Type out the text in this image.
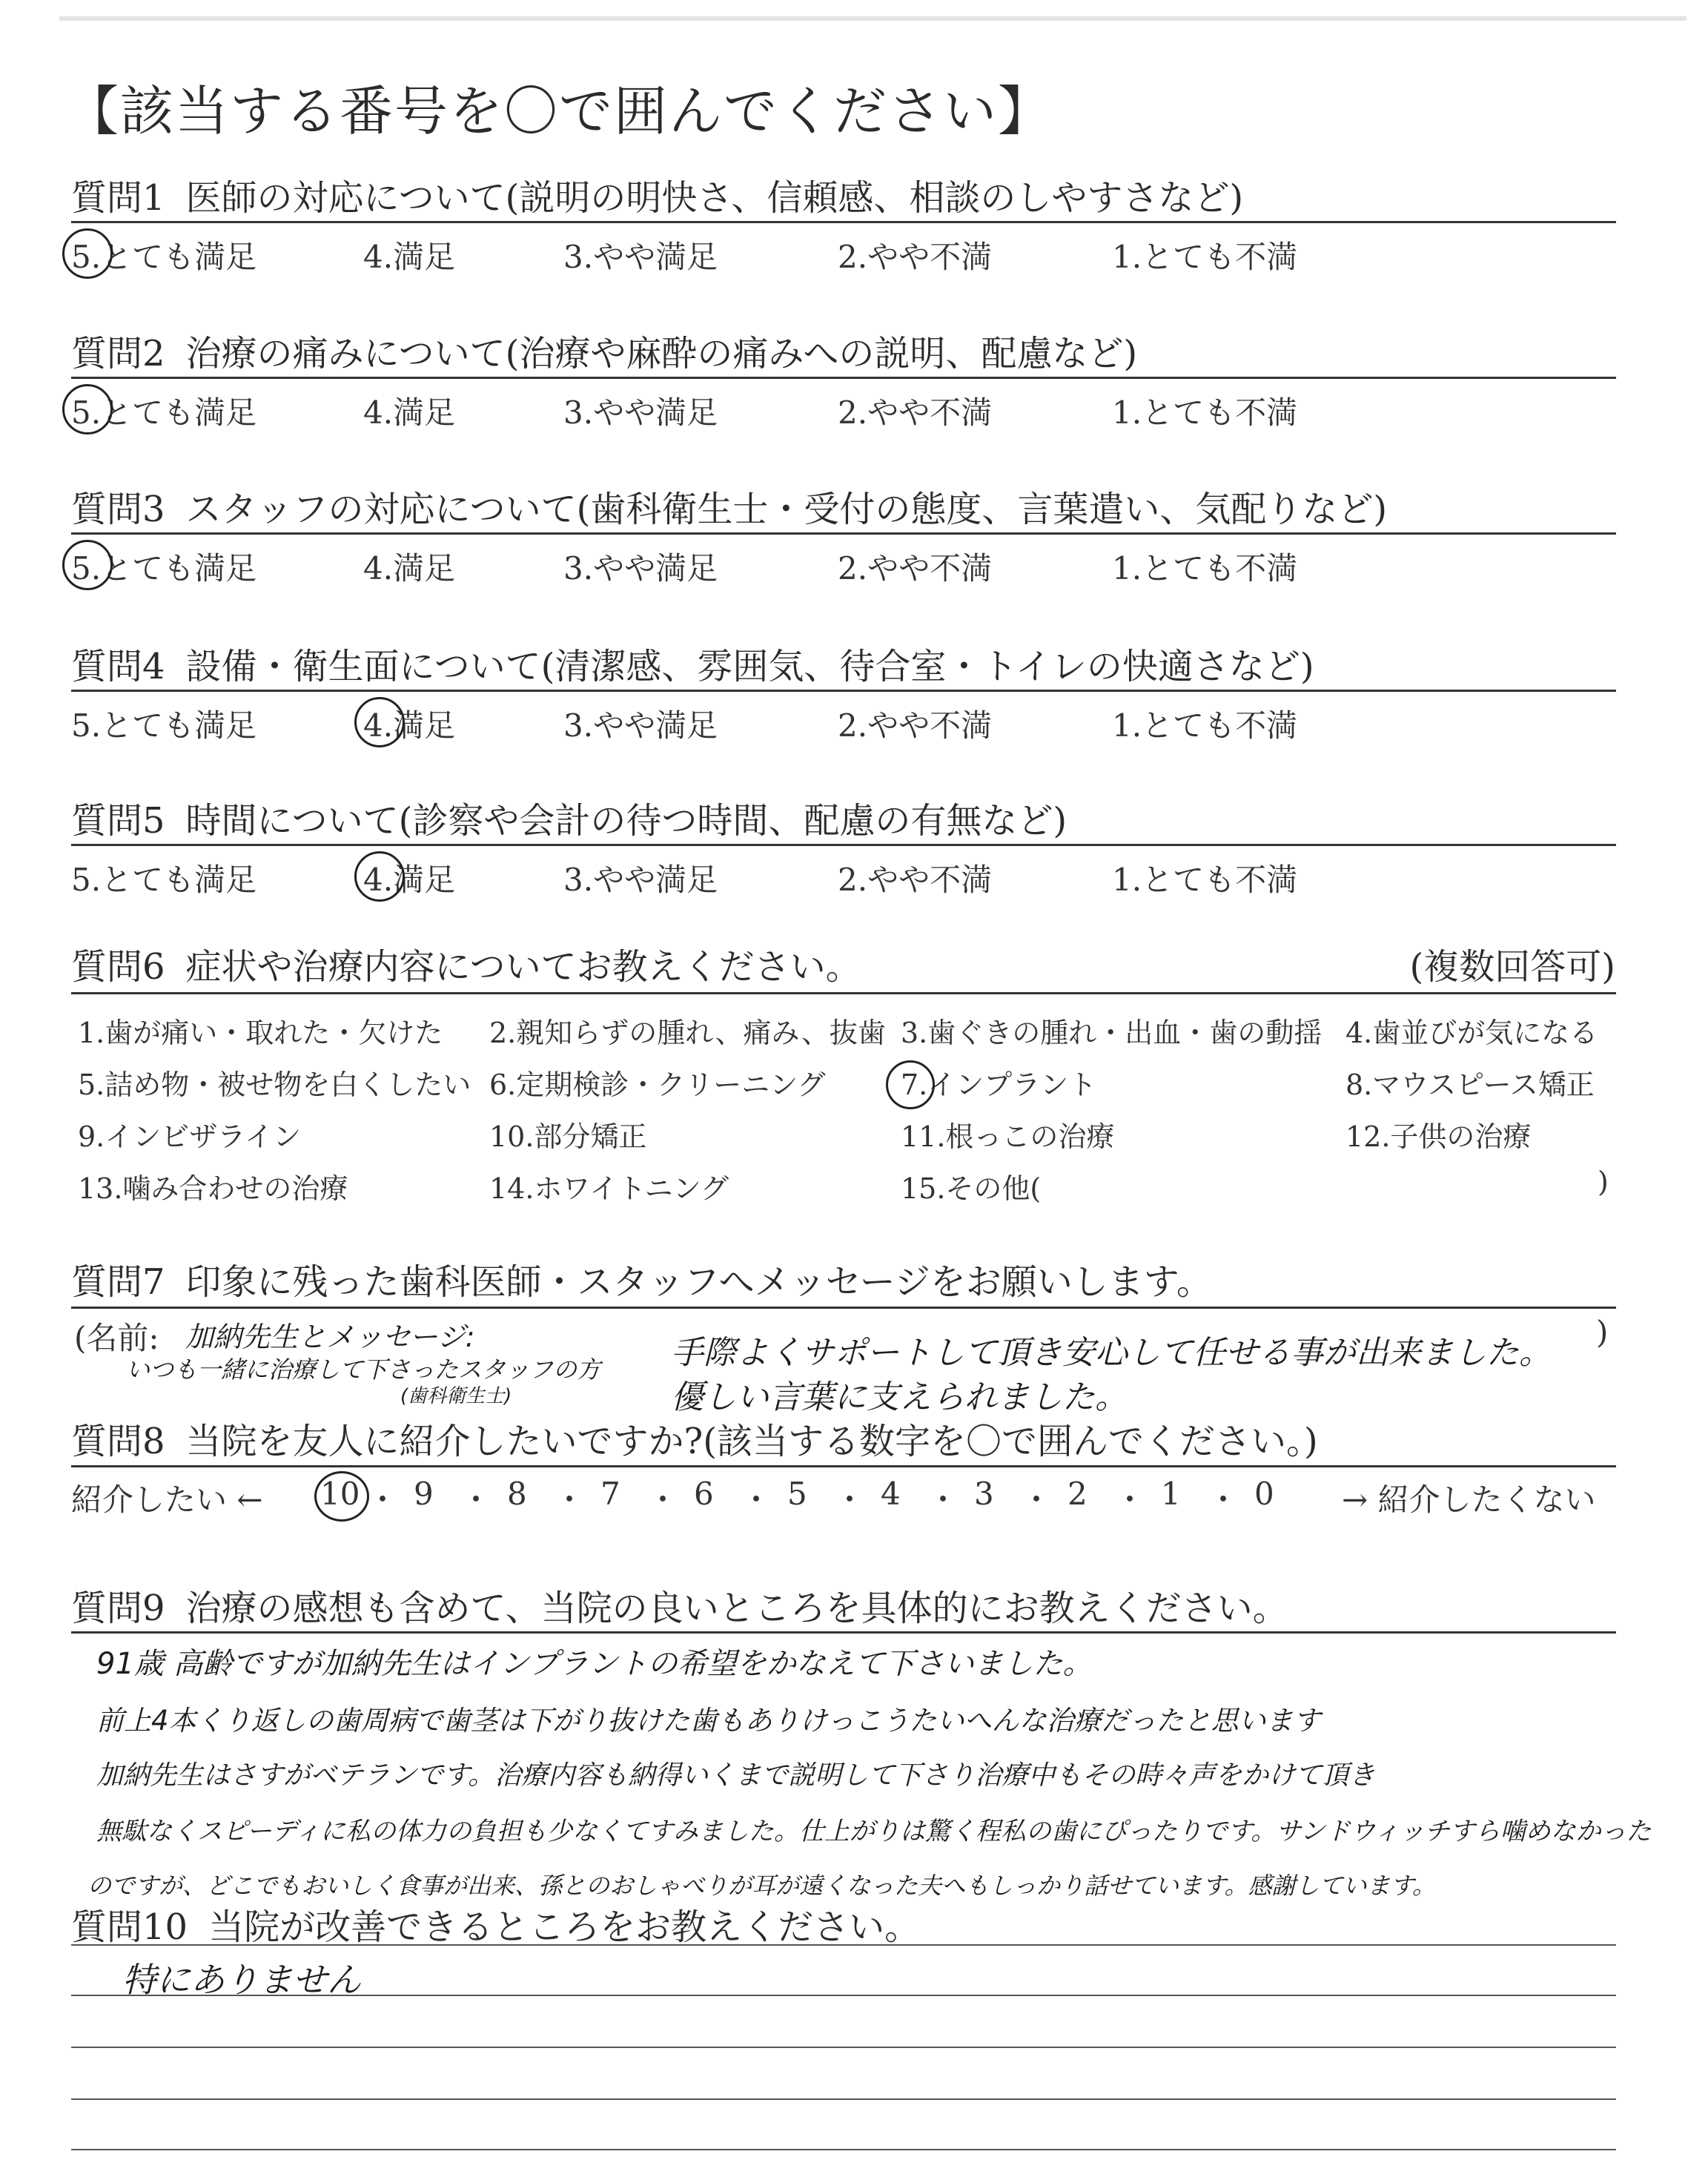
【該当する番号を〇で囲んでください】
質問1 医師の対応について(説明の明快さ、信頼感、相談のしやすさなど)
5.とても満足	4.満足	3.やや満足	2.やや不満	1.とても不満
質問2 治療の痛みについて(治療や麻酔の痛みへの説明、配慮など)
5.とても満足	4.満足	3.やや満足	2.やや不満	1.とても不満
質問3 スタッフの対応について(歯科衛生士・受付の態度、言葉遣い、気配りなど)
5.とても満足	4.満足	3.やや満足	2.やや不満	1.とても不満
質問4 設備・衛生面について(清潔感、雰囲気、待合室・トイレの快適さなど)
5.とても満足	4.満足	3.やや満足	2.やや不満	1.とても不満
質問5 時間について(診察や会計の待つ時間、配慮の有無など)
5.とても満足	4.満足	3.やや満足	2.やや不満	1.とても不満
質問6 症状や治療内容についてお教えください。	(複数回答可)
1.歯が痛い・取れた・欠けた 2.親知らずの腫れ、痛み、抜歯 3.歯ぐきの腫れ・出血・歯の動揺 4.歯並びが気になる
5.詰め物・被せ物を白くしたい 6.定期検診・クリーニング	7.インプラント	8.マウスピース矯正
9.インビザライン	10.部分矯正	11.根っこの治療	12.子供の治療
13.噛み合わせの治療	14.ホワイトニング	15.その他(	)
質問7 印象に残った歯科医師・スタッフへメッセージをお願いします。
(名前: 加納先生とメッセージ:
いつも一緒に治療して下さったスタッフの方
(歯科衛生士)
手際よくサポートして頂き安心して任せる事が出来ました。
優しい言葉に支えられました。
)
質問8 当院を友人に紹介したいですか?(該当する数字を〇で囲んでください。)
紹介したい ← 10 ・ 9 ・ 8 ・ 7 ・ 6 ・ 5 ・ 4 ・ 3 ・ 2 ・ 1 ・ 0 → 紹介したくない
質問9 治療の感想も含めて、当院の良いところを具体的にお教えください。
91歳 高齢ですが加納先生はインプラントの希望をかなえて下さいました。
前上4本くり返しの歯周病で歯茎は下がり抜けた歯もありけっこうたいへんな治療だったと思います
加納先生はさすがベテランです。治療内容も納得いくまで説明して下さり治療中もその時々声をかけて頂き
無駄なくスピーディに私の体力の負担も少なくてすみました。仕上がりは驚く程私の歯にぴったりです。サンドウィッチすら噛めなかった
のですが、どこでもおいしく食事が出来、孫とのおしゃべりが耳が遠くなった夫へもしっかり話せています。感謝しています。
質問10 当院が改善できるところをお教えください。
特にありません
